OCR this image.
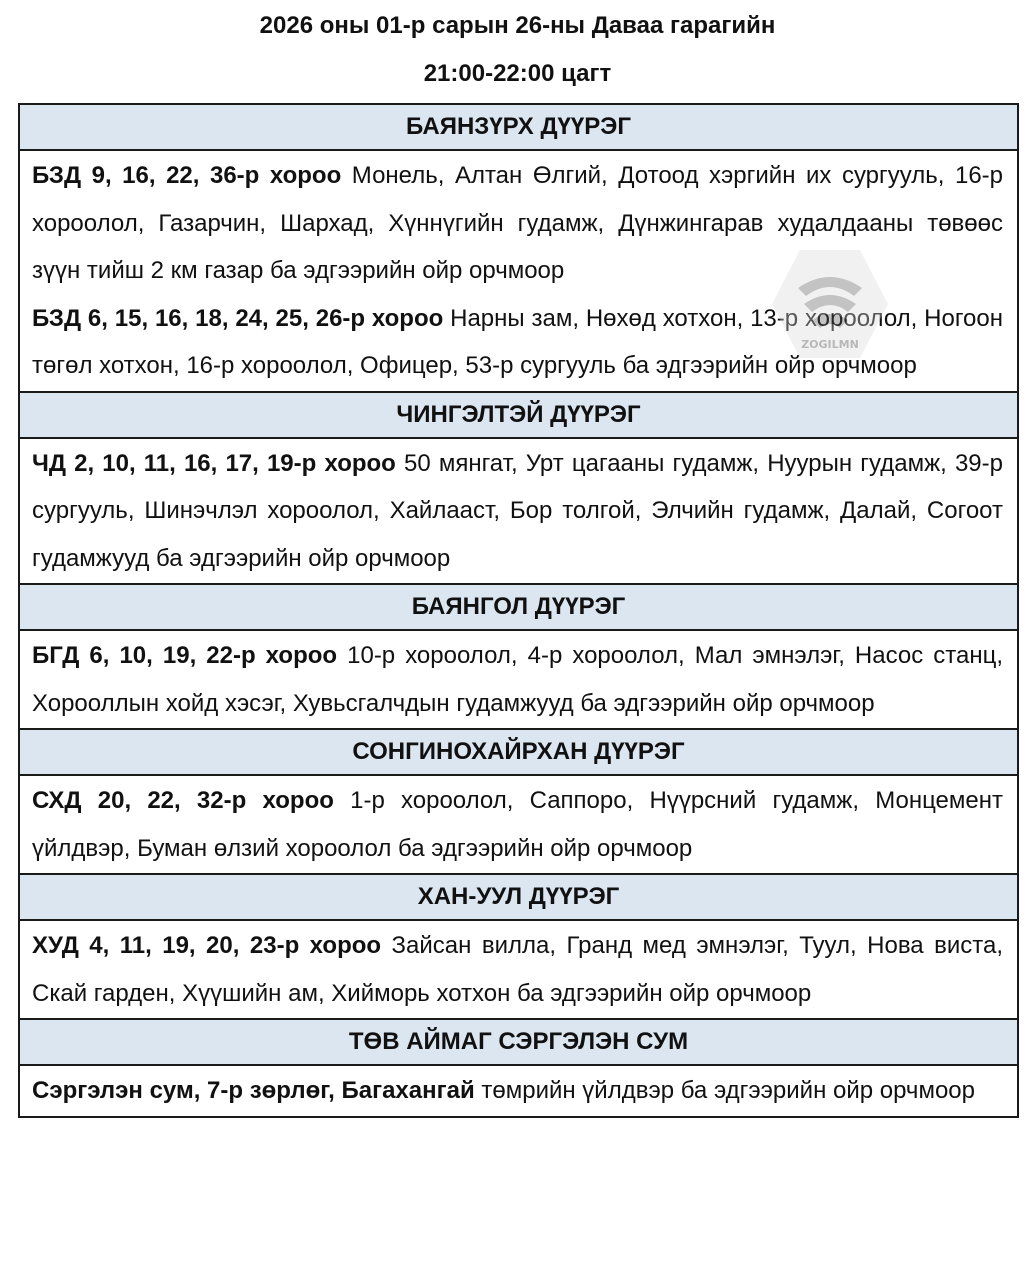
2026 оны 01-р сарын 26-ны Даваа гарагийн

21:00-22:00 цагт

БАЯНЗҮРХ ДҮҮРЭГ

БЗД 9, 16, 22, 36-р хороо Монель, Алтан Өлгий, Дотоод хэргийн их сургууль, 16-р хороолол, Газарчин, Шархад, Хүннүгийн гудамж, Дүнжингарав худалдааны төвөөс зүүн тийш 2 км газар ба эдгээрийн ойр орчмоор

БЗД 6, 15, 16, 18, 24, 25, 26-р хороо Нарны зам, Нөхөд хотхон, 13-р хороолол, Ногоон төгөл хотхон, 16-р хороолол, Офицер, 53-р сургууль ба эдгээрийн ойр орчмоор

ЧИНГЭЛТЭЙ ДҮҮРЭГ

ЧД 2, 10, 11, 16, 17, 19-р хороо 50 мянгат, Урт цагааны гудамж, Нуурын гудамж, 39-р сургууль, Шинэчлэл хороолол, Хайлааст, Бор толгой, Элчийн гудамж, Далай, Согоот гудамжууд ба эдгээрийн ойр орчмоор

БАЯНГОЛ ДҮҮРЭГ

БГД 6, 10, 19, 22-р хороо 10-р хороолол, 4-р хороолол, Мал эмнэлэг, Насос станц, Хорооллын хойд хэсэг, Хувьсгалчдын гудамжууд ба эдгээрийн ойр орчмоор

СОНГИНОХАЙРХАН ДҮҮРЭГ

СХД 20, 22, 32-р хороо 1-р хороолол, Саппоро, Нүүрсний гудамж, Монцемент үйлдвэр, Буман өлзий хороолол ба эдгээрийн ойр орчмоор

ХАН-УУЛ ДҮҮРЭГ

ХУД 4, 11, 19, 20, 23-р хороо Зайсан вилла, Гранд мед эмнэлэг, Туул, Нова виста, Скай гарден, Хүүшийн ам, Хийморь хотхон ба эдгээрийн ойр орчмоор

ТӨВ АЙМАГ СЭРГЭЛЭН СУМ

Сэргэлэн сум, 7-р зөрлөг, Багахангай төмрийн үйлдвэр ба эдгээрийн ойр орчмоор

ZOGILMN
